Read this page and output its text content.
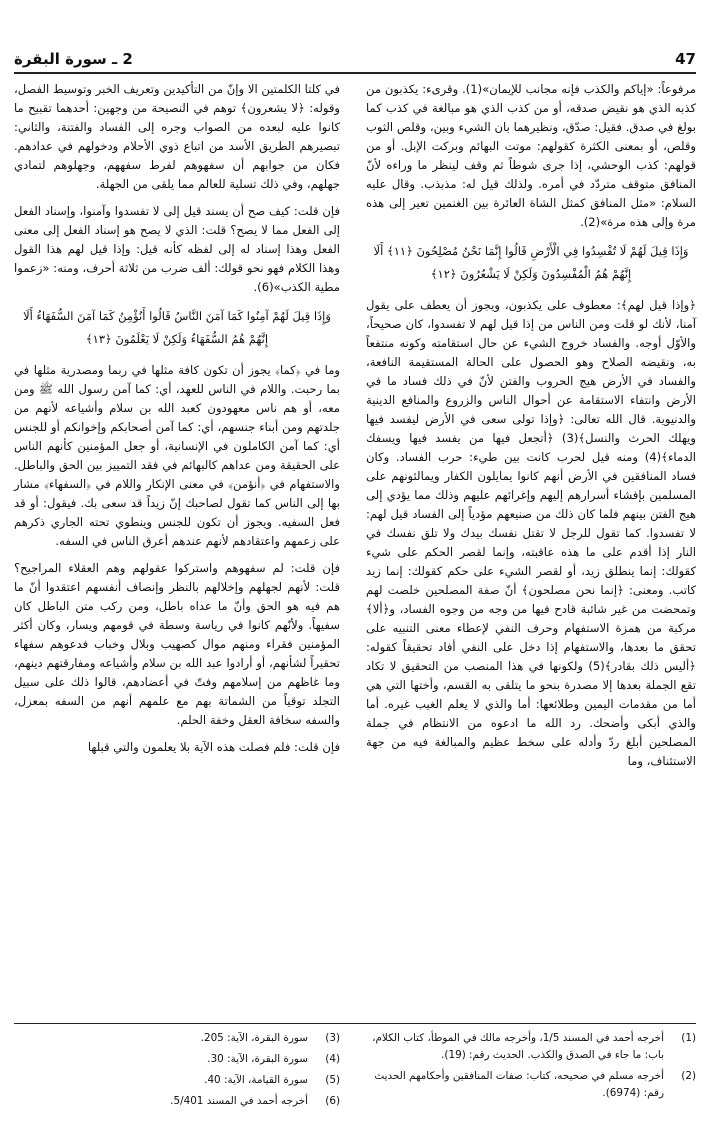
47
2 ـ سورة البقرة

مرفوعاً: «إياكم والكذب فإنه مجانب للإيمان»(1). وقرىء: يكذبون من كذبه الذي هو نقيض صدقه، أو من كذب الذي هو مبالغة في كذب كما بولغ في صدق. فقيل: صدّق، ونظيرهما بان الشيء وبين، وقلص الثوب وقلص، أو بمعنى الكثرة كقولهم: موتت البهائم وبركت الإبل. أو من قولهم: كذب الوحشي، إذا جرى شوطاً ثم وقف لينظر ما وراءه لأنّ المنافق متوقف متردّد في أمره. ولذلك قيل له: مذبذب. وقال عليه السلام: «مثل المنافق كمثل الشاة العائرة بين الغنمين تعير إلى هذه مرة وإلى هذه مرة»(2).

وَإِذَا قِيلَ لَهُمْ لَا تُفْسِدُوا فِي الْأَرْضِ قَالُوا إِنَّمَا نَحْنُ مُصْلِحُونَ ﴿١١﴾ أَلَا إِنَّهُمْ هُمُ الْمُفْسِدُونَ وَلَكِنْ لَا يَشْعُرُونَ ﴿١٢﴾

﴿وإذا قيل لهم﴾: معطوف على يكذبون، ويجوز أن يعطف على يقول آمنا، لأنك لو قلت ومن الناس من إذا قيل لهم لا تفسدوا، كان صحيحاً، والأوّل أوجه. والفساد خروج الشيء عن حال استقامته وكونه منتفعاً به، ونقيضه الصلاح وهو الحصول على الحالة المستقيمة النافعة، والفساد في الأرض هيج الحروب والفتن لأنّ في ذلك فساد ما في الأرض وانتفاء الاستقامة عن أحوال الناس والزروع والمنافع الدينية والدنيوية. قال الله تعالى: ﴿وإذا تولى سعى في الأرض ليفسد فيها ويهلك الحرث والنسل﴾(3) ﴿أتجعل فيها من يفسد فيها ويسفك الدماء﴾(4) ومنه قيل لحرب كانت بين طيء: حرب الفساد. وكان فساد المنافقين في الأرض أنهم كانوا يمايلون الكفار ويمالئونهم على المسلمين بإفشاء أسرارهم إليهم وإغرائهم عليهم وذلك مما يؤدي إلى هيج الفتن بينهم فلما كان ذلك من صنيعهم مؤدياً إلى الفساد قيل لهم: لا تفسدوا. كما تقول للرجل لا تقتل نفسك بيدك ولا تلق نفسك في النار إذا أقدم على ما هذه عاقبته، وإنما لقصر الحكم على شيء كقولك: إنما ينطلق زيد، أو لقصر الشيء على حكم كقولك: إنما زيد كاتب. ومعنى: ﴿إنما نحن مصلحون﴾ أنّ صفة المصلحين خلصت لهم وتمحضت من غير شائبة قادح فيها من وجه من وجوه الفساد، و﴿ألا﴾ مركبة من همزة الاستفهام وحرف النفي لإعطاء معنى التنبيه على تحقق ما بعدها، والاستفهام إذا دخل على النفي أفاد تحقيقاً كقوله: ﴿أليس ذلك بقادر﴾(5) ولكونها في هذا المنصب من التحقيق لا تكاد تقع الجملة بعدها إلا مصدرة بنحو ما يتلقى به القسم، وأختها التي هي أما من مقدمات اليمين وطلائعها: أما والذي لا يعلم الغيب غيره. أما والذي أبكى وأضحك. رد الله ما ادعوه من الانتظام في جملة المصلحين أبلغ ردّ وأدله على سخط عظيم والمبالغة فيه من جهة الاستئناف، وما

في كلتا الكلمتين الا وإنّ من التأكيدين وتعريف الخبر وتوسيط الفصل، وقوله: ﴿لا يشعرون﴾ توهم في النصيحة من وجهين: أحدهما تقبيح ما كانوا عليه لبعده من الصواب وجره إلى الفساد والفتنة، والثاني: تبصيرهم الطريق الأسد من اتباع ذوي الأحلام ودخولهم في عدادهم. فكان من جوابهم أن سفهوهم لفرط سفههم، وجهلوهم لتمادي جهلهم، وفي ذلك تسلية للعالم مما يلقى من الجهلة.

فإن قلت: كيف صح أن يسند قيل إلى لا تفسدوا وآمنوا، وإسناد الفعل إلى الفعل مما لا يصح؟ قلت: الذي لا يصح هو إسناد الفعل إلى معنى الفعل وهذا إسناد له إلى لفظه كأنه قيل: وإذا قيل لهم هذا القول وهذا الكلام فهو نحو قولك: ألف ضرب من ثلاثة أحرف، ومنه: «زعموا مطية الكذب»(6).

وَإِذَا قِيلَ لَهُمْ آمِنُوا كَمَا آمَنَ النَّاسُ قَالُوا أَنُؤْمِنُ كَمَا آمَنَ السُّفَهَاءُ أَلَا إِنَّهُمْ هُمُ السُّفَهَاءُ وَلَكِنْ لَا يَعْلَمُونَ ﴿١٣﴾

وما في ﴿كما﴾ يجوز أن تكون كافة مثلها في ربما ومصدرية مثلها في بما رحبت. واللام في الناس للعهد، أي: كما آمن رسول الله ﷺ ومن معه، أو هم ناس معهودون كعبد الله بن سلام وأشياعه لأنهم من جلدتهم ومن أبناء جنسهم، أي: كما آمن أصحابكم وإخوانكم أو للجنس أي: كما آمن الكاملون في الإنسانية، أو جعل المؤمنين كأنهم الناس على الحقيقة ومن عداهم كالبهائم في فقد التمييز بين الحق والباطل. والاستفهام في ﴿أنؤمن﴾ في معنى الإنكار واللام في ﴿السفهاء﴾ مشار بها إلى الناس كما تقول لصاحبك إنّ زيداً قد سعى بك. فيقول: أو قد فعل السفيه. ويجوز أن تكون للجنس وينطوي تحته الجاري ذكرهم على زعمهم واعتقادهم لأنهم عندهم أعرق الناس في السفه.

فإن قلت: لم سفهوهم واستركوا عقولهم وهم العقلاء المراجيح؟ قلت: لأنهم لجهلهم وإخلالهم بالنظر وإنصاف أنفسهم اعتقدوا أنّ ما هم فيه هو الحق وأنّ ما عداه باطل، ومن ركب متن الباطل كان سفيهاً. ولأنّهم كانوا في رياسة وسطة في قومهم ويسار، وكان أكثر المؤمنين فقراء ومنهم موال كصهيب وبلال وخباب فدعوهم سفهاء تحقيراً لشأنهم، أو أرادوا عبد الله بن سلام وأشياعه ومفارقتهم دينهم، وما غاظهم من إسلامهم وفتّ في أعضادهم، قالوا ذلك على سبيل التجلد توقياً من الشماتة بهم مع علمهم أنهم من السفه بمعزل، والسفه سخافة العقل وخفة الحلم.

فإن قلت: فلم فصلت هذه الآية بلا يعلمون والتي قبلها

(1)
أخرجه أحمد في المسند 1/5، وأخرجه مالك في الموطأ، كتاب الكلام، باب: ما جاء في الصدق والكذب. الحديث رقم: (19).
(2)
أخرجه مسلم في صحيحه، كتاب: صفات المنافقين وأحكامهم الحديث رقم: (6974).
(3)
سورة البقرة، الآية: 205.
(4)
سورة البقرة، الآية: 30.
(5)
سورة القيامة، الآية: 40.
(6)
أخرجه أحمد في المسند 5/401.
